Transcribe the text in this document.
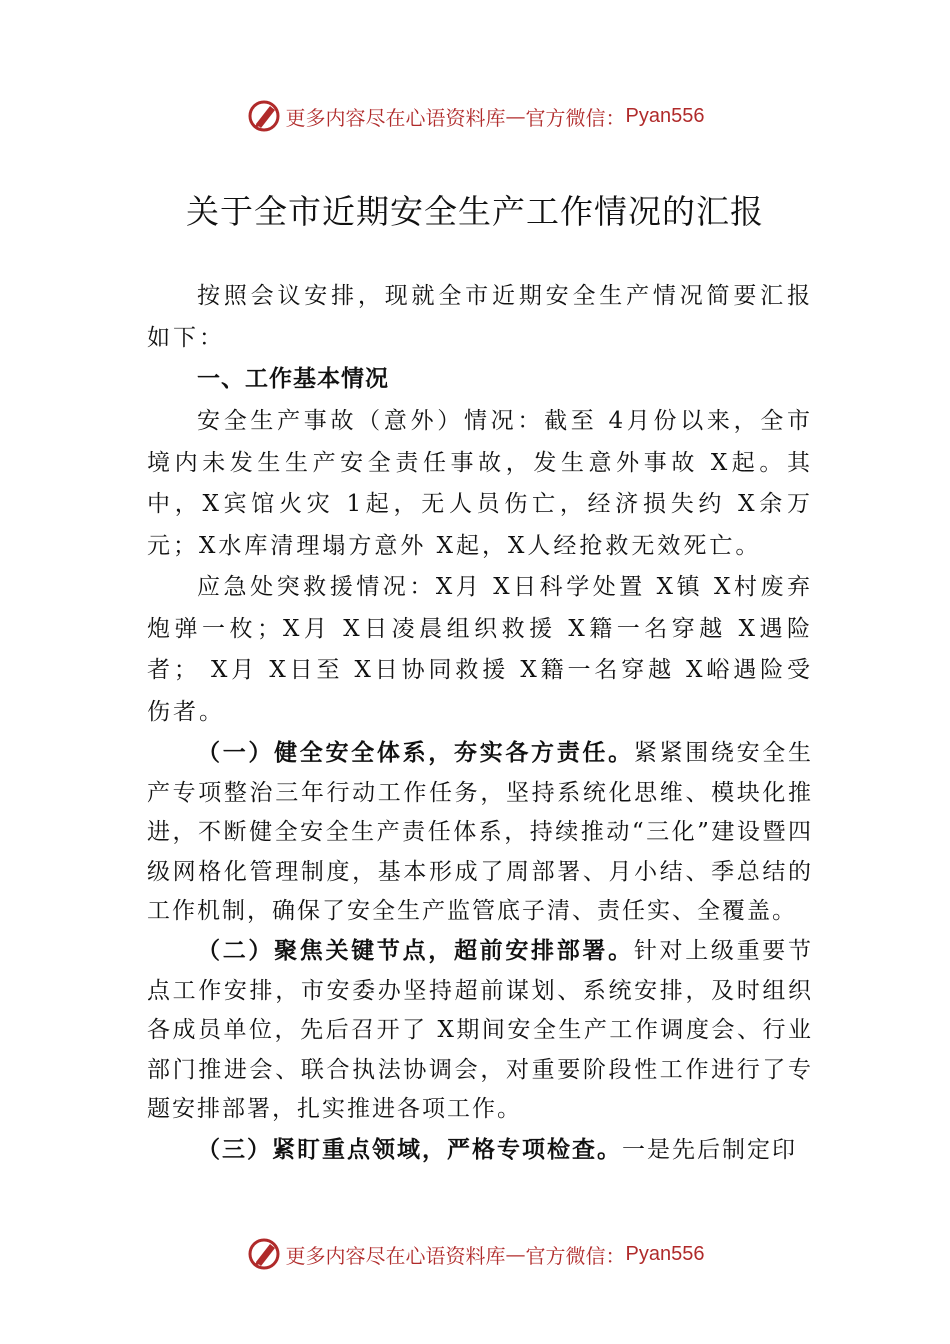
更多内容尽在心语资料库 — 官方微信： Pyan556
关于全市近期安全生产工作情况的汇报

按照会议安排，现就全市近期安全生产情况简要汇报如下：

一、工作基本情况

安全生产事故（意外）情况：截至 4月份以来，全市境内未发生生产安全责任事故，发生意外事故 X起。其中，X宾馆火灾 1起，无人员伤亡，经济损失约 X余万元；X水库清理塌方意外 X起，X人经抢救无效死亡。

应急处突救援情况：X月 X日科学处置 X镇 X村废弃炮弹一枚；X月 X日凌晨组织救援 X籍一名穿越 X遇险者； X月 X日至 X日协同救援 X籍一名穿越 X峪遇险受伤者。

（一）健全安全体系，夯实各方责任。紧紧围绕安全生产专项整治三年行动工作任务，坚持系统化思维、模块化推进，不断健全安全生产责任体系，持续推动“三化”建设暨四级网格化管理制度，基本形成了周部署、月小结、季总结的工作机制，确保了安全生产监管底子清、责任实、全覆盖。

（二）聚焦关键节点，超前安排部署。针对上级重要节点工作安排，市安委办坚持超前谋划、系统安排，及时组织各成员单位，先后召开了 X期间安全生产工作调度会、行业部门推进会、联合执法协调会，对重要阶段性工作进行了专题安排部署，扎实推进各项工作。

（三）紧盯重点领域，严格专项检查。一是先后制定印

更多内容尽在心语资料库 — 官方微信： Pyan556
